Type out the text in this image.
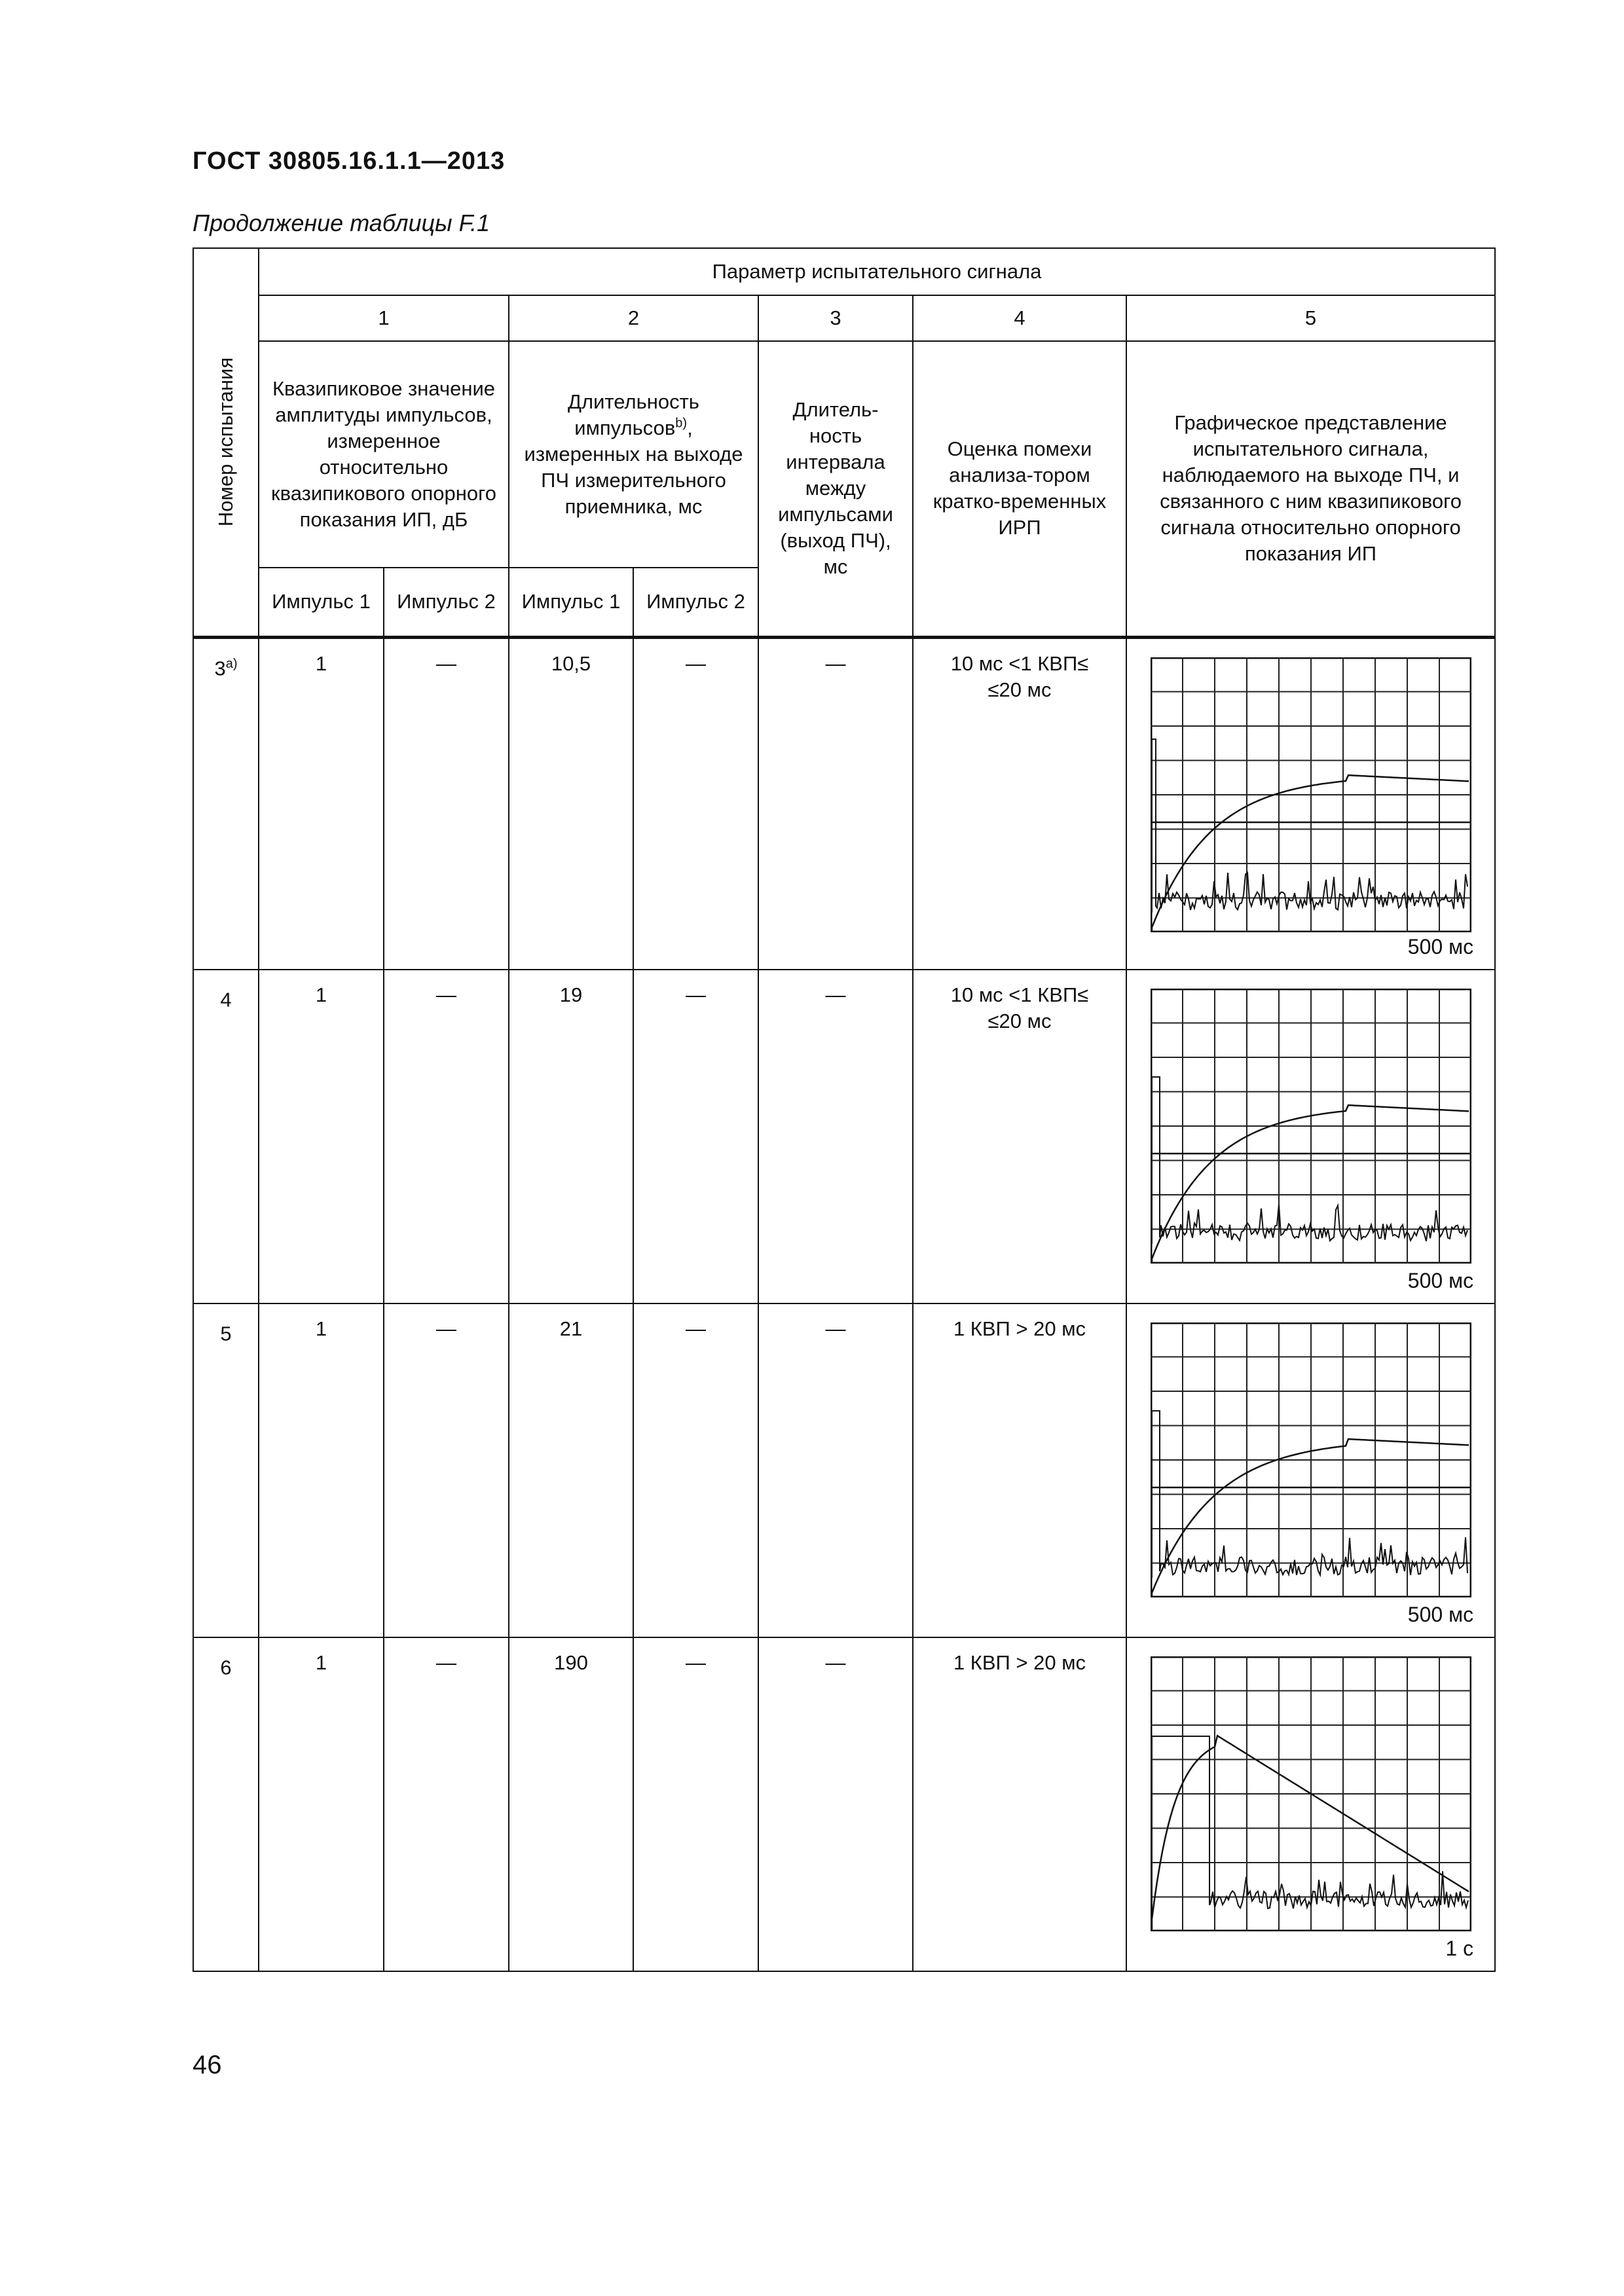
ГОСТ 30805.16.1.1—2013
Продолжение таблицы F.1
Номер испытания	Параметр испытательного сигнала						
	1		2		3	4	5
	Квазипиковое значение амплитуды импульсов, измеренное относительно квазипикового опорного показания ИП, дБ		Длительность импульсов$^{b)}$, измеренных на выходе ПЧ измерительного приемника, мс		Длитель-ность интервала между импульсами (выход ПЧ), мс	Оценка помехи анализа-тором кратко-временных ИРП	Графическое представление испытательного сигнала, наблюдаемого на выходе ПЧ, и связанного с ним квазипикового сигнала относительно опорного показания ИП
	Импульс 1	Импульс 2	Импульс 1	Импульс 2			
3$^{a)}$	1	—	10,5	—	—	10 мс <1 КВП≤ ≤20 мс	500 мс

4	1	—	19	—	—	10 мс <1 КВП≤ ≤20 мс	500 мс

5	1	—	21	—	—	1 КВП > 20 мс	500 мс

6	1	—	190	—	—	1 КВП > 20 мс	1 с
46
